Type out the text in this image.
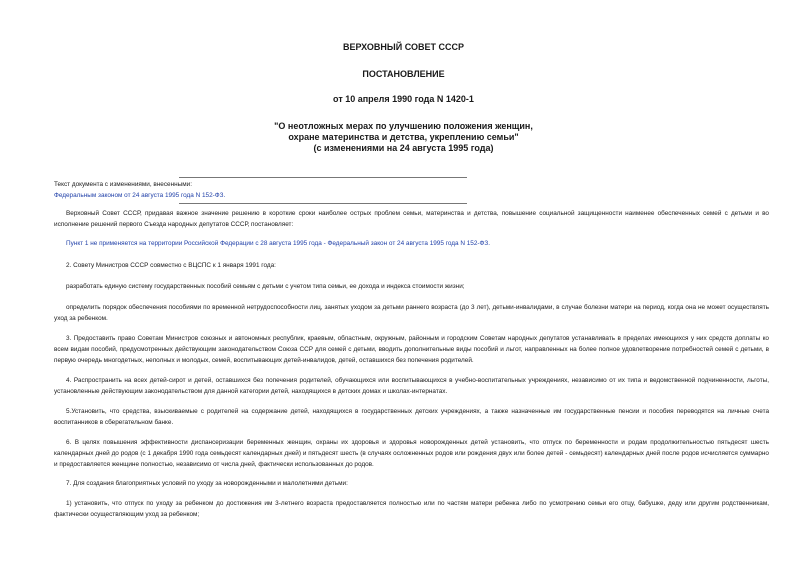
ВЕРХОВНЫЙ СОВЕТ СССР
ПОСТАНОВЛЕНИЕ
от 10 апреля 1990 года N 1420-1
"О неотложных мерах по улучшению положения женщин,
охране материнства и детства, укреплению семьи"
(с изменениями на 24 августа 1995 года)
Текст документа с изменениями, внесенными:
Федеральным законом от 24 августа 1995 года N 152-ФЗ.
Верховный Совет СССР, придавая важное значение решению в короткие сроки наиболее острых проблем семьи, материнства и детства, повышение социальной защищенности наименее обеспеченных семей с детьми и во исполнение решений первого Съезда народных депутатов СССР, постановляет:
Пункт 1 не применяется на территории Российской Федерации с 28 августа 1995 года - Федеральный закон от 24 августа 1995 года N 152-ФЗ.
2. Совету Министров СССР совместно с ВЦСПС к 1 января 1991 года:
разработать единую систему государственных пособий семьям с детьми с учетом типа семьи, ее дохода и индекса стоимости жизни;
определить порядок обеспечения пособиями по временной нетрудоспособности лиц, занятых уходом за детьми раннего возраста (до 3 лет), детьми-инвалидами, в случае болезни матери на период, когда она не может осуществлять уход за ребенком.
3. Предоставить право Советам Министров союзных и автономных республик, краевым, областным, окружным, районным и городским Советам народных депутатов устанавливать в пределах имеющихся у них средств доплаты ко всем видам пособий, предусмотренных действующим законодательством Союза ССР для семей с детьми, вводить дополнительные виды пособий и льгот, направленных на более полное удовлетворение потребностей семей с детьми, в первую очередь многодетных, неполных и молодых, семей, воспитывающих детей-инвалидов, детей, оставшихся без попечения родителей.
4. Распространить на всех детей-сирот и детей, оставшихся без попечения родителей, обучающихся или воспитывающихся в учебно-воспитательных учреждениях, независимо от их типа и ведомственной подчиненности, льготы, установленные действующим законодательством для данной категории детей, находящихся в детских домах и школах-интернатах.
5.Установить, что средства, взыскиваемые с родителей на содержание детей, находящихся в государственных детских учреждениях, а также назначенные им государственные пенсии и пособия переводятся на личные счета воспитанников в сберегательном банке.
6. В целях повышения эффективности диспансеризации беременных женщин, охраны их здоровья и здоровья новорожденных детей установить, что отпуск по беременности и родам продолжительностью пятьдесят шесть календарных дней до родов (с 1 декабря 1990 года семьдесят календарных дней) и пятьдесят шесть (в случаях осложненных родов или рождения двух или более детей - семьдесят) календарных дней после родов исчисляется суммарно и предоставляется женщине полностью, независимо от числа дней, фактически использованных до родов.
7. Для создания благоприятных условий по уходу за новорожденными и малолетними детьми:
1) установить, что отпуск по уходу за ребенком до достижения им 3-летнего возраста предоставляется полностью или по частям матери ребенка либо по усмотрению семьи его отцу, бабушке, деду или другим родственникам, фактически осуществляющим уход за ребенком;
